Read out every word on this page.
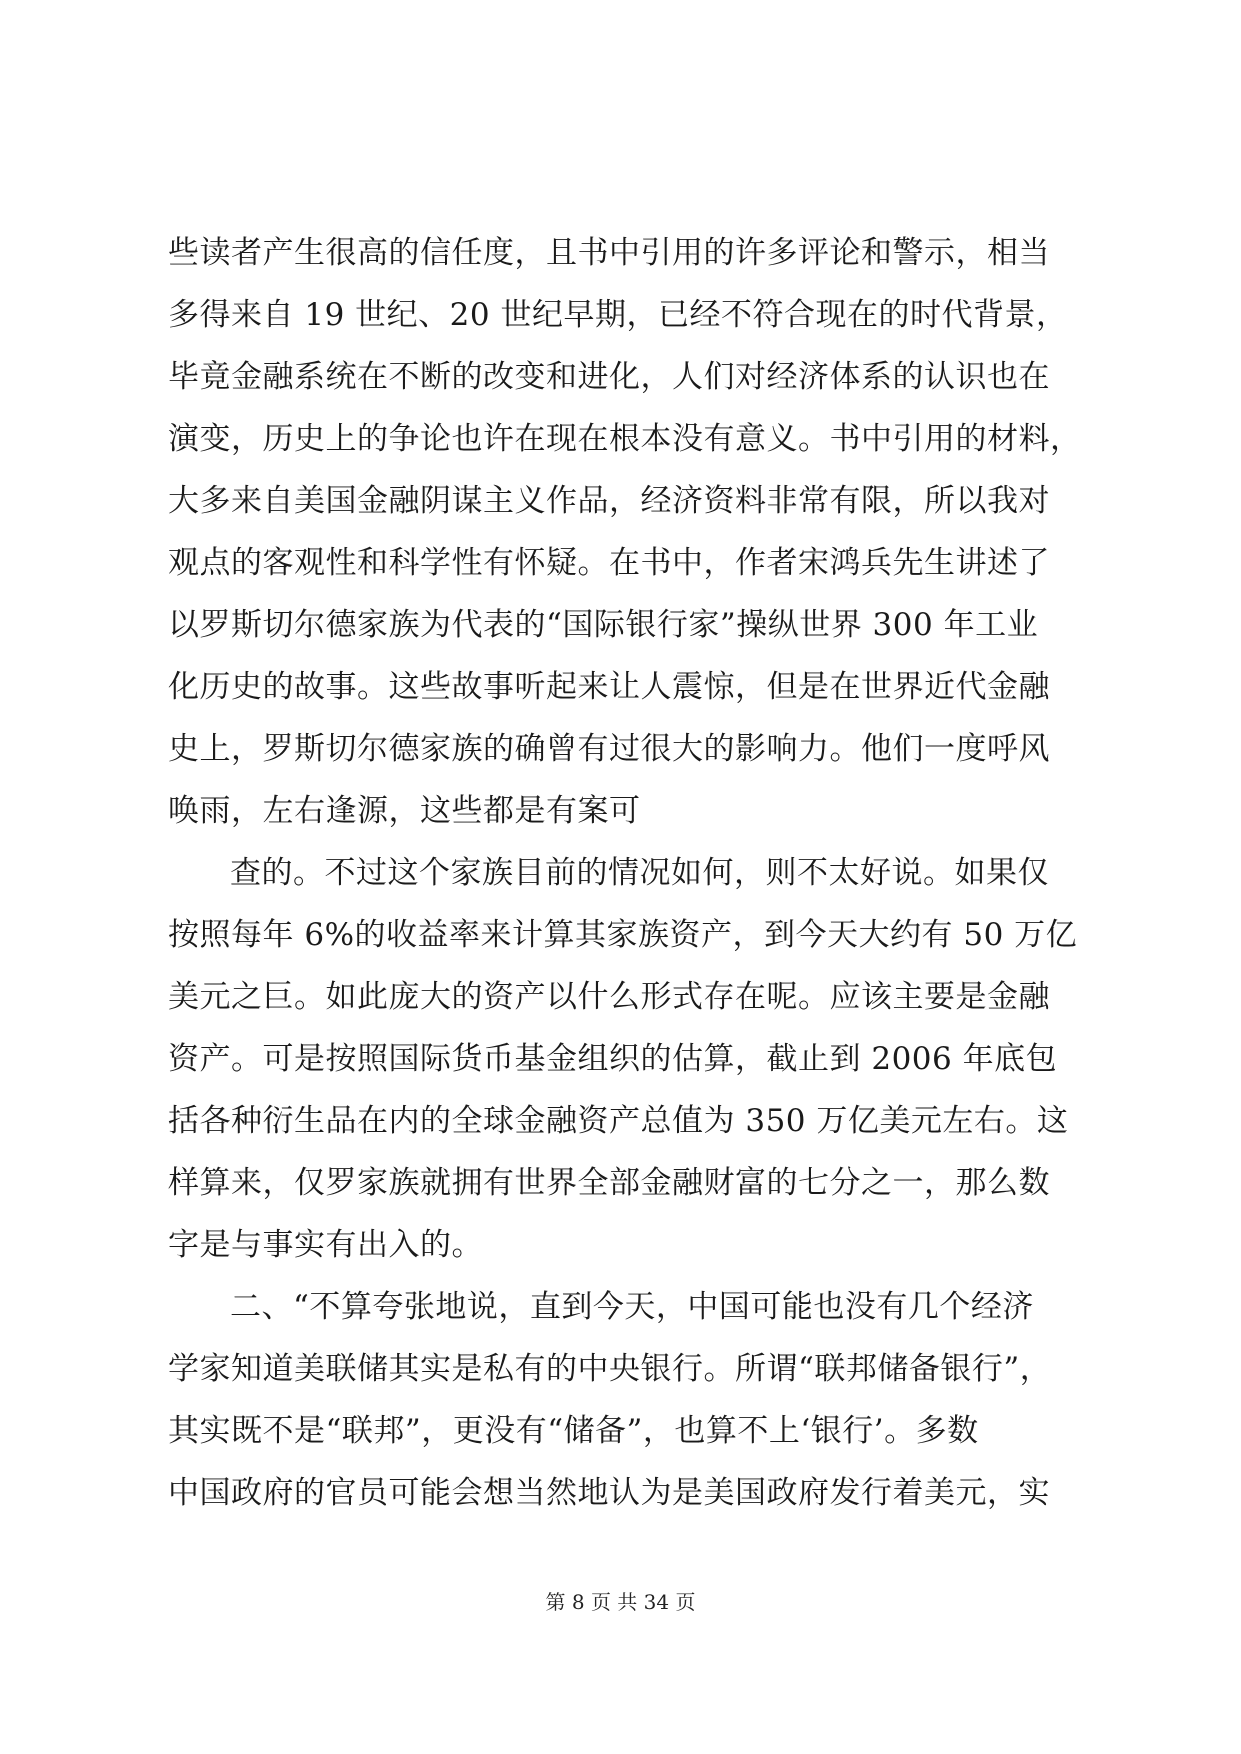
些读者产生很高的信任度，且书中引用的许多评论和警示，相当
多得来自 19 世纪、20 世纪早期，已经不符合现在的时代背景，
毕竟金融系统在不断的改变和进化，人们对经济体系的认识也在
演变，历史上的争论也许在现在根本没有意义。书中引用的材料，
大多来自美国金融阴谋主义作品，经济资料非常有限，所以我对
观点的客观性和科学性有怀疑。在书中，作者宋鸿兵先生讲述了
以罗斯切尔德家族为代表的“国际银行家”操纵世界 300 年工业
化历史的故事。这些故事听起来让人震惊，但是在世界近代金融
史上，罗斯切尔德家族的确曾有过很大的影响力。他们一度呼风
唤雨，左右逢源，这些都是有案可
查的。不过这个家族目前的情况如何，则不太好说。如果仅
按照每年 6%的收益率来计算其家族资产，到今天大约有 50 万亿
美元之巨。如此庞大的资产以什么形式存在呢。应该主要是金融
资产。可是按照国际货币基金组织的估算，截止到 2006 年底包
括各种衍生品在内的全球金融资产总值为 350 万亿美元左右。这
样算来，仅罗家族就拥有世界全部金融财富的七分之一，那么数
字是与事实有出入的。
二、“不算夸张地说，直到今天，中国可能也没有几个经济
学家知道美联储其实是私有的中央银行。所谓“联邦储备银行”，
其实既不是“联邦”，更没有“储备”，也算不上‘银行’。多数
中国政府的官员可能会想当然地认为是美国政府发行着美元，实
第 8 页 共 34 页
